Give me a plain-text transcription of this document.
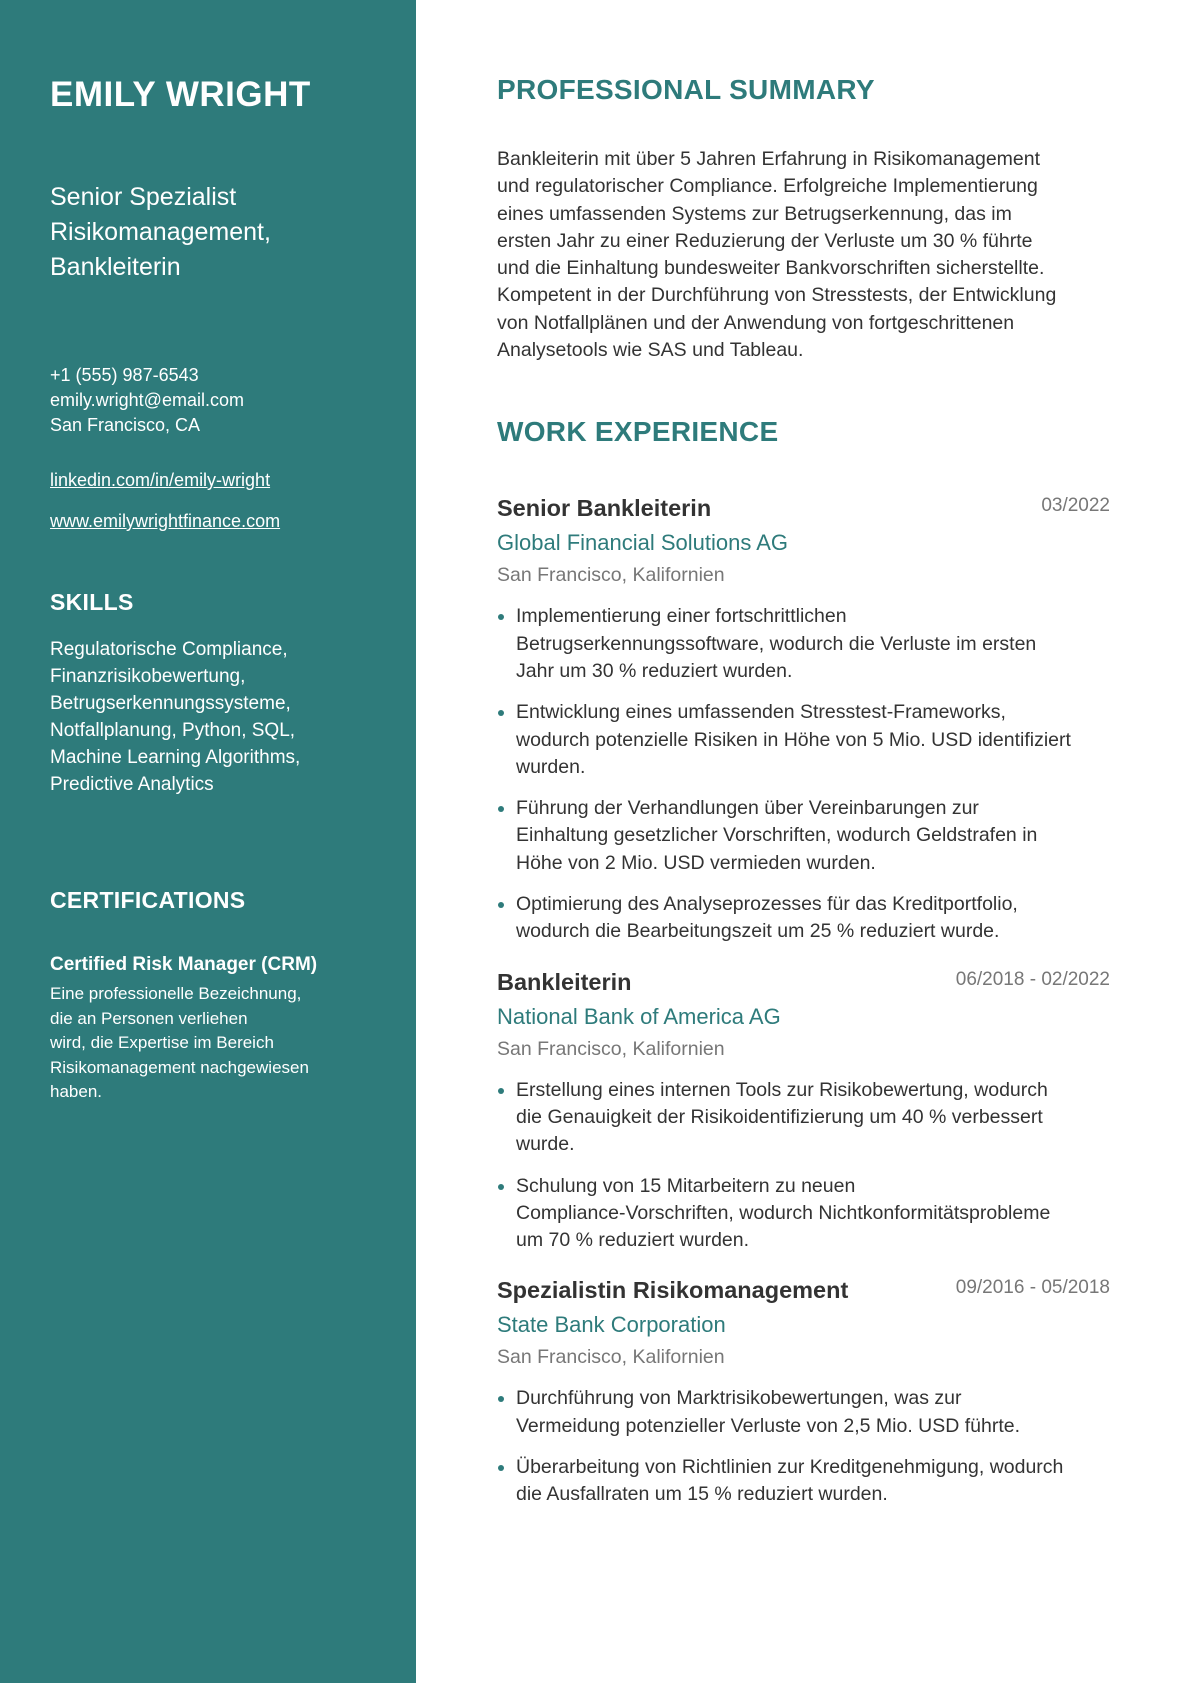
EMILY WRIGHT
Senior Spezialist
Risikomanagement,
Bankleiterin
+1 (555) 987-6543
emily.wright@email.com
San Francisco, CA
linkedin.com/in/emily-wright
www.emilywrightfinance.com
SKILLS
Regulatorische Compliance,
Finanzrisikobewertung,
Betrugserkennungssysteme,
Notfallplanung, Python, SQL,
Machine Learning Algorithms,
Predictive Analytics
CERTIFICATIONS
Certified Risk Manager (CRM)
Eine professionelle Bezeichnung,
die an Personen verliehen
wird, die Expertise im Bereich
Risikomanagement nachgewiesen
haben.
PROFESSIONAL SUMMARY
Bankleiterin mit über 5 Jahren Erfahrung in Risikomanagement
und regulatorischer Compliance. Erfolgreiche Implementierung
eines umfassenden Systems zur Betrugserkennung, das im
ersten Jahr zu einer Reduzierung der Verluste um 30 % führte
und die Einhaltung bundesweiter Bankvorschriften sicherstellte.
Kompetent in der Durchführung von Stresstests, der Entwicklung
von Notfallplänen und der Anwendung von fortgeschrittenen
Analysetools wie SAS und Tableau.
WORK EXPERIENCE
Senior Bankleiterin	03/2022
Global Financial Solutions AG
San Francisco, Kalifornien
Implementierung einer fortschrittlichen
Betrugserkennungssoftware, wodurch die Verluste im ersten
Jahr um 30 % reduziert wurden.
Entwicklung eines umfassenden Stresstest-Frameworks,
wodurch potenzielle Risiken in Höhe von 5 Mio. USD identifiziert
wurden.
Führung der Verhandlungen über Vereinbarungen zur
Einhaltung gesetzlicher Vorschriften, wodurch Geldstrafen in
Höhe von 2 Mio. USD vermieden wurden.
Optimierung des Analyseprozesses für das Kreditportfolio,
wodurch die Bearbeitungszeit um 25 % reduziert wurde.
Bankleiterin	06/2018 - 02/2022
National Bank of America AG
San Francisco, Kalifornien
Erstellung eines internen Tools zur Risikobewertung, wodurch
die Genauigkeit der Risikoidentifizierung um 40 % verbessert
wurde.
Schulung von 15 Mitarbeitern zu neuen
Compliance-Vorschriften, wodurch Nichtkonformitätsprobleme
um 70 % reduziert wurden.
Spezialistin Risikomanagement	09/2016 - 05/2018
State Bank Corporation
San Francisco, Kalifornien
Durchführung von Marktrisikobewertungen, was zur
Vermeidung potenzieller Verluste von 2,5 Mio. USD führte.
Überarbeitung von Richtlinien zur Kreditgenehmigung, wodurch
die Ausfallraten um 15 % reduziert wurden.
